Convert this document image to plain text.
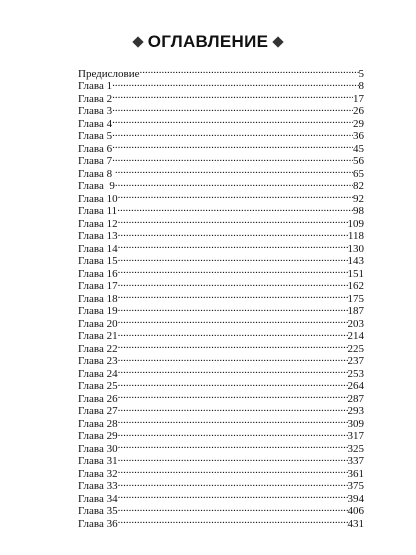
ОГЛАВЛЕНИЕ
Предисловие .....	5
Глава 1 .....	8
Глава 2 .....	17
Глава 3 .....	26
Глава 4 .....	29
Глава 5 .....	36
Глава 6 .....	45
Глава 7 .....	56
Глава 8 .....	65
Глава  9 .....	82
Глава 10 .....	92
Глава 11 .....	98
Глава 12 .....	109
Глава 13 .....	118
Глава 14 .....	130
Глава 15 .....	143
Глава 16 .....	151
Глава 17 .....	162
Глава 18 .....	175
Глава 19 .....	187
Глава 20 .....	203
Глава 21 .....	214
Глава 22 .....	225
Глава 23 .....	237
Глава 24 .....	253
Глава 25 .....	264
Глава 26 .....	287
Глава 27 .....	293
Глава 28 .....	309
Глава 29 .....	317
Глава 30 .....	325
Глава 31 .....	337
Глава 32 .....	361
Глава 33 .....	375
Глава 34 .....	394
Глава 35 .....	406
Глава 36 .....	431
